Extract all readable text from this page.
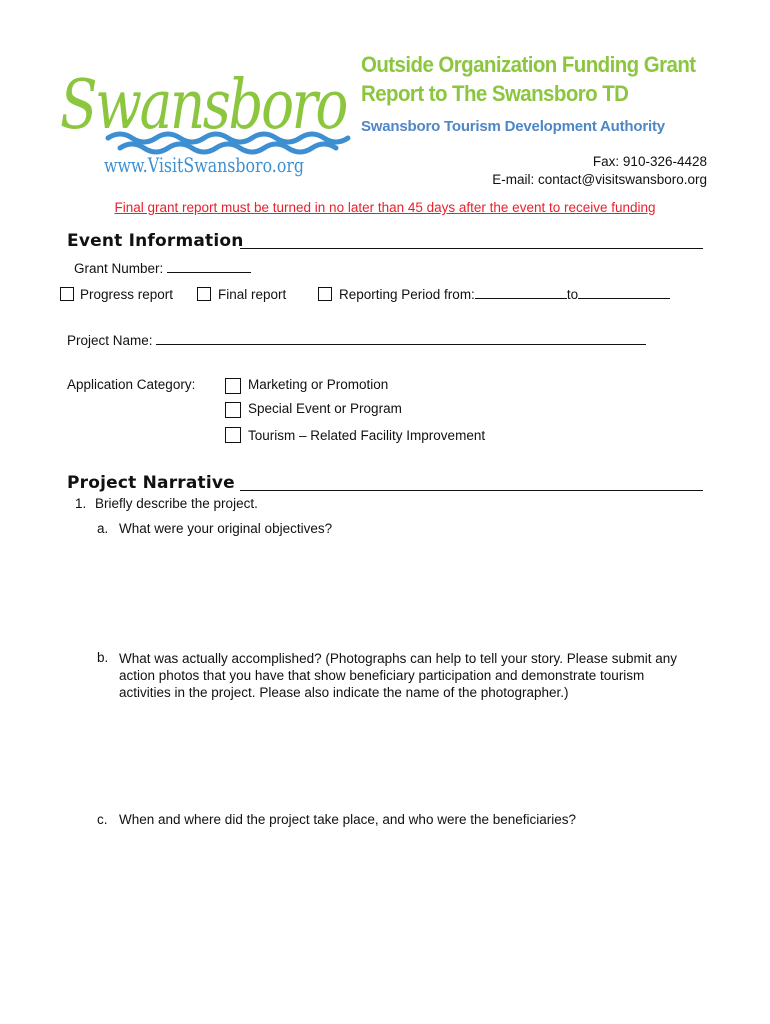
Swansboro
www.VisitSwansboro.org
Outside Organization Funding Grant
Report to The Swansboro TD
Swansboro Tourism Development Authority
Fax: 910-326-4428
E-mail: contact@visitswansboro.org
Final grant report must be turned in no later than 45 days after the event to receive funding
Event Information
Grant Number:
Progress report	Final report	Reporting Period from:	to
Project Name:
Application Category:	Marketing or Promotion
Special Event or Program
Tourism – Related Facility Improvement
Project Narrative
1. Briefly describe the project.
a. What were your original objectives?
b. What was actually accomplished? (Photographs can help to tell your story. Please submit any action photos that you have that show beneficiary participation and demonstrate tourism activities in the project. Please also indicate the name of the photographer.)
c. When and where did the project take place, and who were the beneficiaries?
